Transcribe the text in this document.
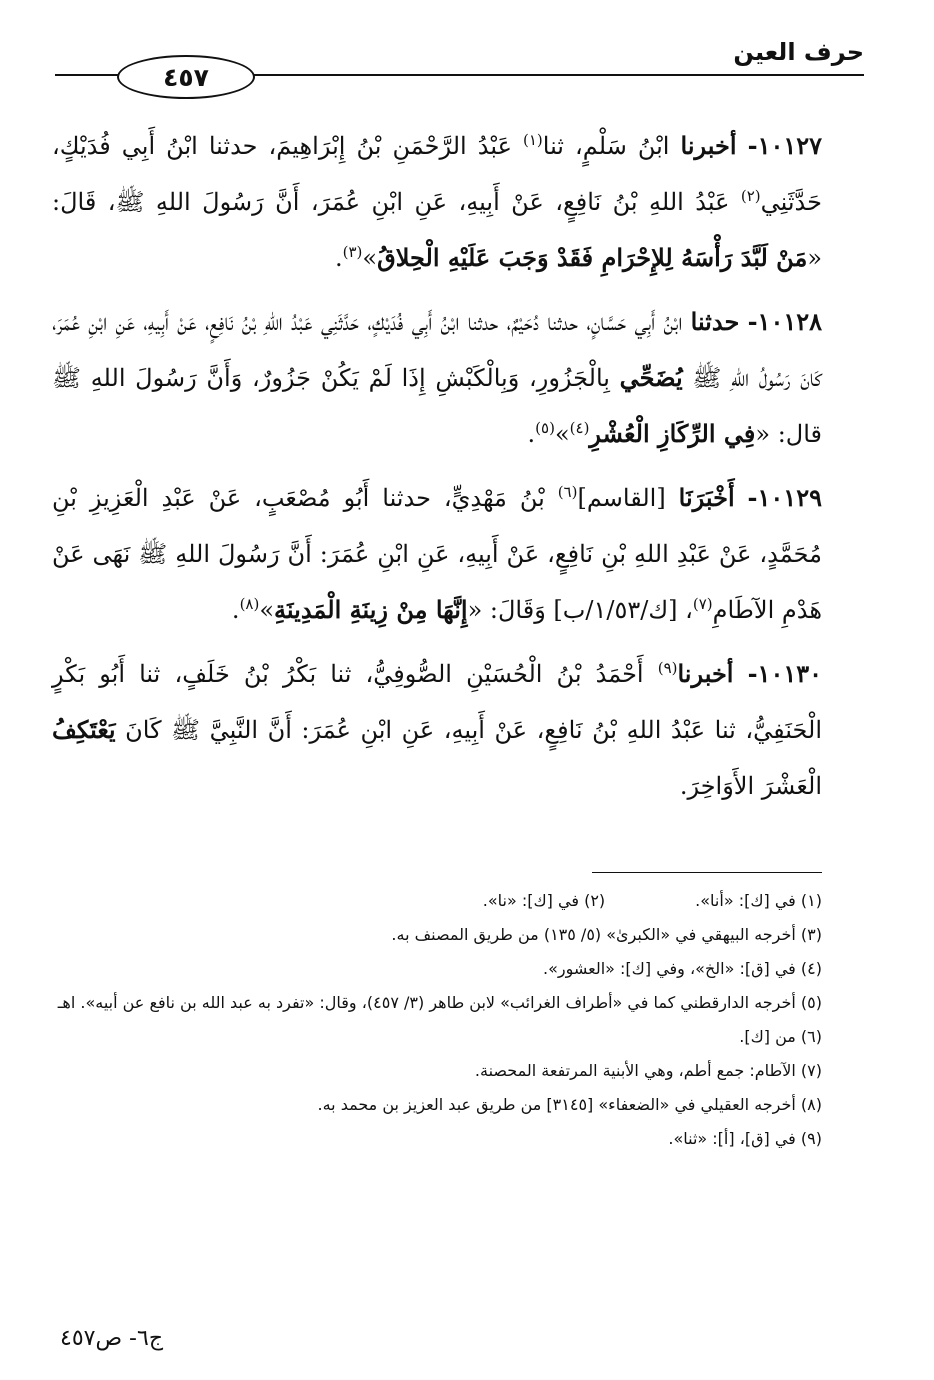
حرف العين
٤٥٧

١٠١٢٧- أخبرنا ابْنُ سَلْمٍ، ثنا$^{(١)}$ عَبْدُ الرَّحْمَنِ بْنُ إِبْرَاهِيمَ، حدثنا ابْنُ أَبِي فُدَيْكٍ، حَدَّثَنِي$^{(٢)}$ عَبْدُ اللهِ بْنُ نَافِعٍ، عَنْ أَبِيهِ، عَنِ ابْنِ عُمَرَ، أَنَّ رَسُولَ اللهِ ﷺ، قَالَ: «مَنْ لَبَّدَ رَأْسَهُ لِلإِحْرَامِ فَقَدْ وَجَبَ عَلَيْهِ الْحِلاقُ»$^{(٣)}$.

١٠١٢٨- حدثنا ابْنُ أَبِي حَسَّانٍ، حدثنا دُحَيْمٌ، حدثنا ابْنُ أَبِي فُدَيْكٍ، حَدَّثَنِي عَبْدُ اللهِ بْنُ نَافِعٍ، عَنْ أَبِيهِ، عَنِ ابْنِ عُمَرَ، كَانَ رَسُولُ اللهِ ﷺ يُضَحِّي بِالْجَزُورِ، وَبِالْكَبْشِ إِذَا لَمْ يَكُنْ جَزُورٌ، وَأَنَّ رَسُولَ اللهِ ﷺ قال: «فِي الرِّكَازِ الْعُشْرِ$^{(٤)}$»$^{(٥)}$.

١٠١٢٩- أَخْبَرَنَا [القاسم]$^{(٦)}$ بْنُ مَهْدِيٍّ، حدثنا أَبُو مُصْعَبٍ، عَنْ عَبْدِ الْعَزِيزِ بْنِ مُحَمَّدٍ، عَنْ عَبْدِ اللهِ بْنِ نَافِعٍ، عَنْ أَبِيهِ، عَنِ ابْنِ عُمَرَ: أَنَّ رَسُولَ اللهِ ﷺ نَهَى عَنْ هَدْمِ الآطَامِ$^{(٧)}$، [ك/١/٥٣/ب] وَقَالَ: «إِنَّهَا مِنْ زِينَةِ الْمَدِينَةِ»$^{(٨)}$.

١٠١٣٠- أخبرنا$^{(٩)}$ أَحْمَدُ بْنُ الْحُسَيْنِ الصُّوفِيُّ، ثنا بَكْرُ بْنُ خَلَفٍ، ثنا أَبُو بَكْرٍ الْحَنَفِيُّ، ثنا عَبْدُ اللهِ بْنُ نَافِعٍ، عَنْ أَبِيهِ، عَنِ ابْنِ عُمَرَ: أَنَّ النَّبِيَّ ﷺ كَانَ يَعْتَكِفُ الْعَشْرَ الأَوَاخِرَ.

(١) في [ك]: «أنا».(٢) في [ك]: «نا».
(٣) أخرجه البيهقي في «الكبرىٰ» (٥/ ١٣٥) من طريق المصنف به.
(٤) في [ق]: «الخ»، وفي [ك]: «العشور».
(٥) أخرجه الدارقطني كما في «أطراف الغرائب» لابن طاهر (٣/ ٤٥٧)، وقال: «تفرد به عبد الله بن نافع عن أبيه». اهـ
(٦) من [ك].
(٧) الآطام: جمع أطم، وهي الأبنية المرتفعة المحصنة.
(٨) أخرجه العقيلي في «الضعفاء» [٣١٤٥] من طريق عبد العزيز بن محمد به.
(٩) في [ق]، [أ]: «ثنا».
ج٦- ص٤٥٧
